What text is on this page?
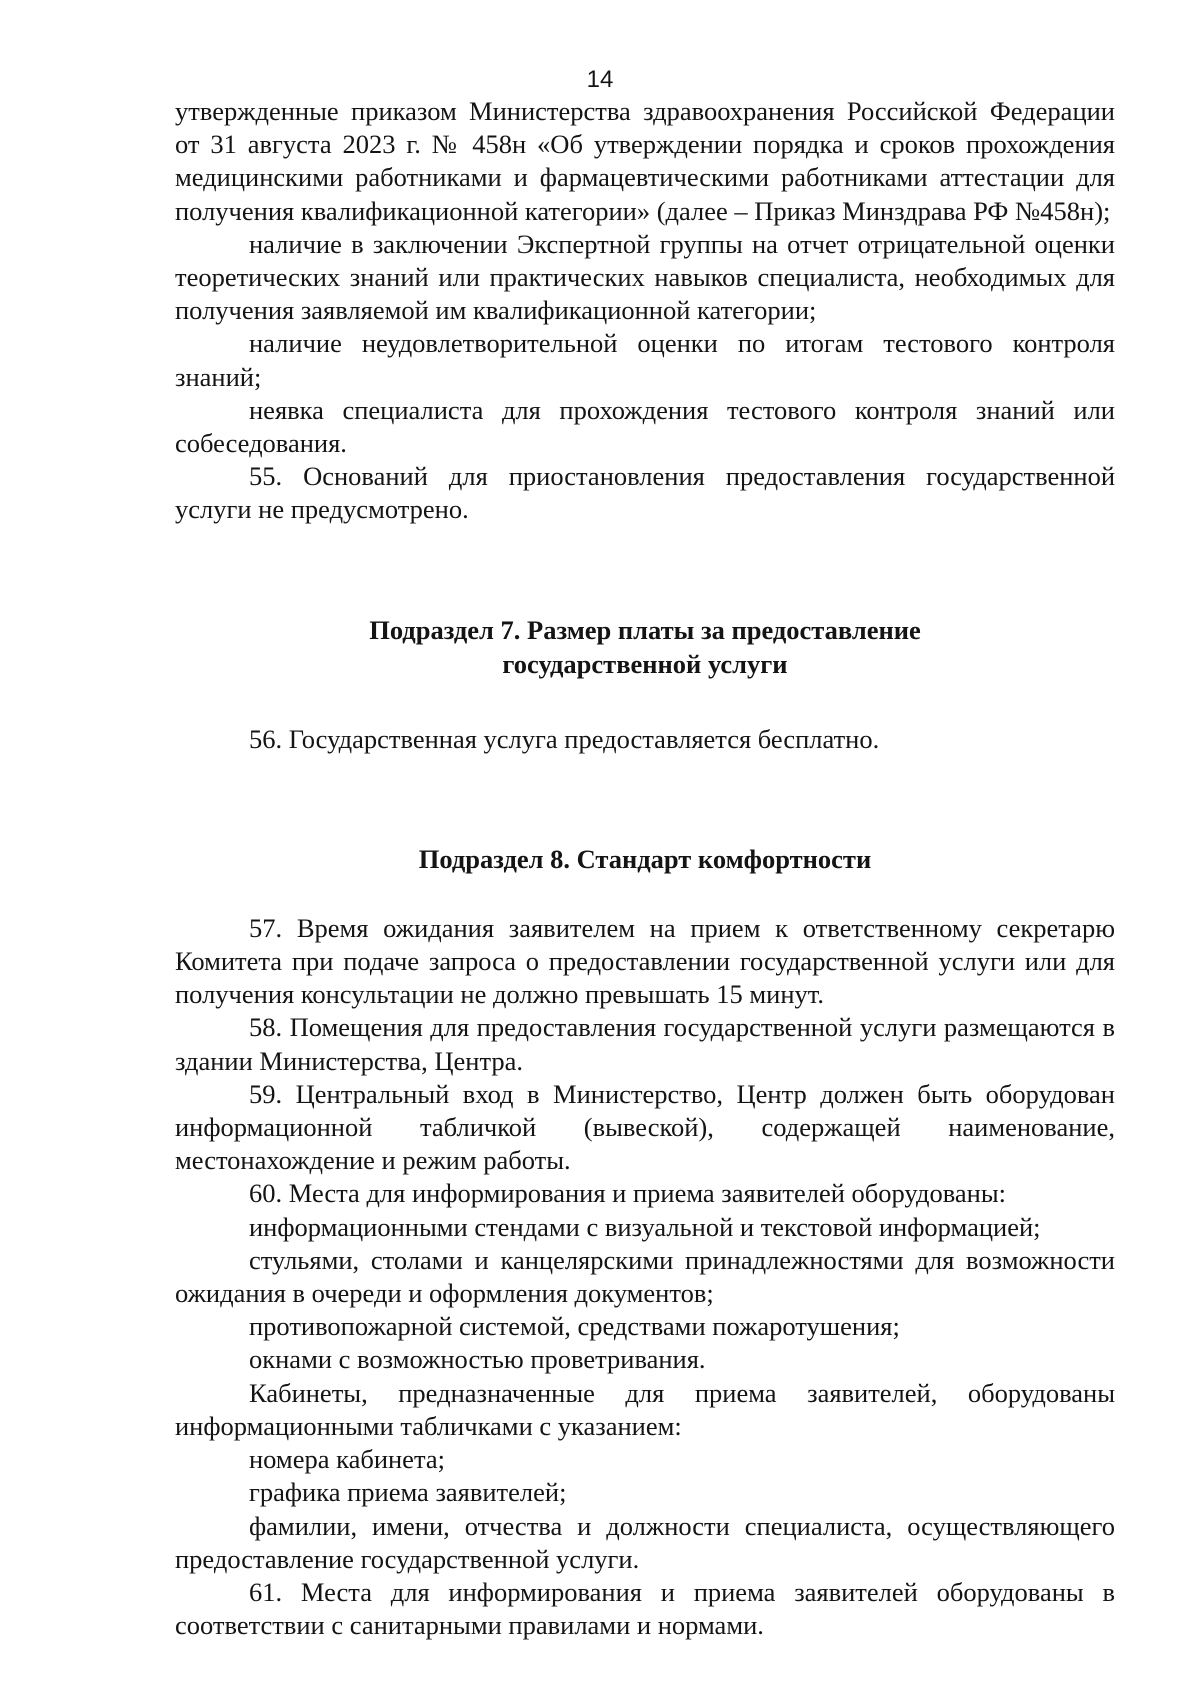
14

утвержденные приказом Министерства здравоохранения Российской Федерации от 31 августа 2023 г. № 458н «Об утверждении порядка и сроков прохождения медицинскими работниками и фармацевтическими работниками аттестации для получения квалификационной категории» (далее – Приказ Минздрава РФ №458н);

наличие в заключении Экспертной группы на отчет отрицательной оценки теоретических знаний или практических навыков специалиста, необходимых для получения заявляемой им квалификационной категории;

наличие неудовлетворительной оценки по итогам тестового контроля знаний;

неявка специалиста для прохождения тестового контроля знаний или собеседования.

55. Оснований для приостановления предоставления государственной услуги не предусмотрено.

Подраздел 7. Размер платы за предоставление
государственной услуги

56. Государственная услуга предоставляется бесплатно.

Подраздел 8. Стандарт комфортности

57. Время ожидания заявителем на прием к ответственному секретарю Комитета при подаче запроса о предоставлении государственной услуги или для получения консультации не должно превышать 15 минут.

58. Помещения для предоставления государственной услуги размещаются в здании Министерства, Центра.

59. Центральный вход в Министерство, Центр должен быть оборудован информационной табличкой (вывеской), содержащей наименование, местонахождение и режим работы.

60. Места для информирования и приема заявителей оборудованы:

информационными стендами с визуальной и текстовой информацией;

стульями, столами и канцелярскими принадлежностями для возможности ожидания в очереди и оформления документов;

противопожарной системой, средствами пожаротушения;

окнами с возможностью проветривания.

Кабинеты, предназначенные для приема заявителей, оборудованы информационными табличками с указанием:

номера кабинета;

графика приема заявителей;

фамилии, имени, отчества и должности специалиста, осуществляющего предоставление государственной услуги.

61. Места для информирования и приема заявителей оборудованы в соответствии с санитарными правилами и нормами.
